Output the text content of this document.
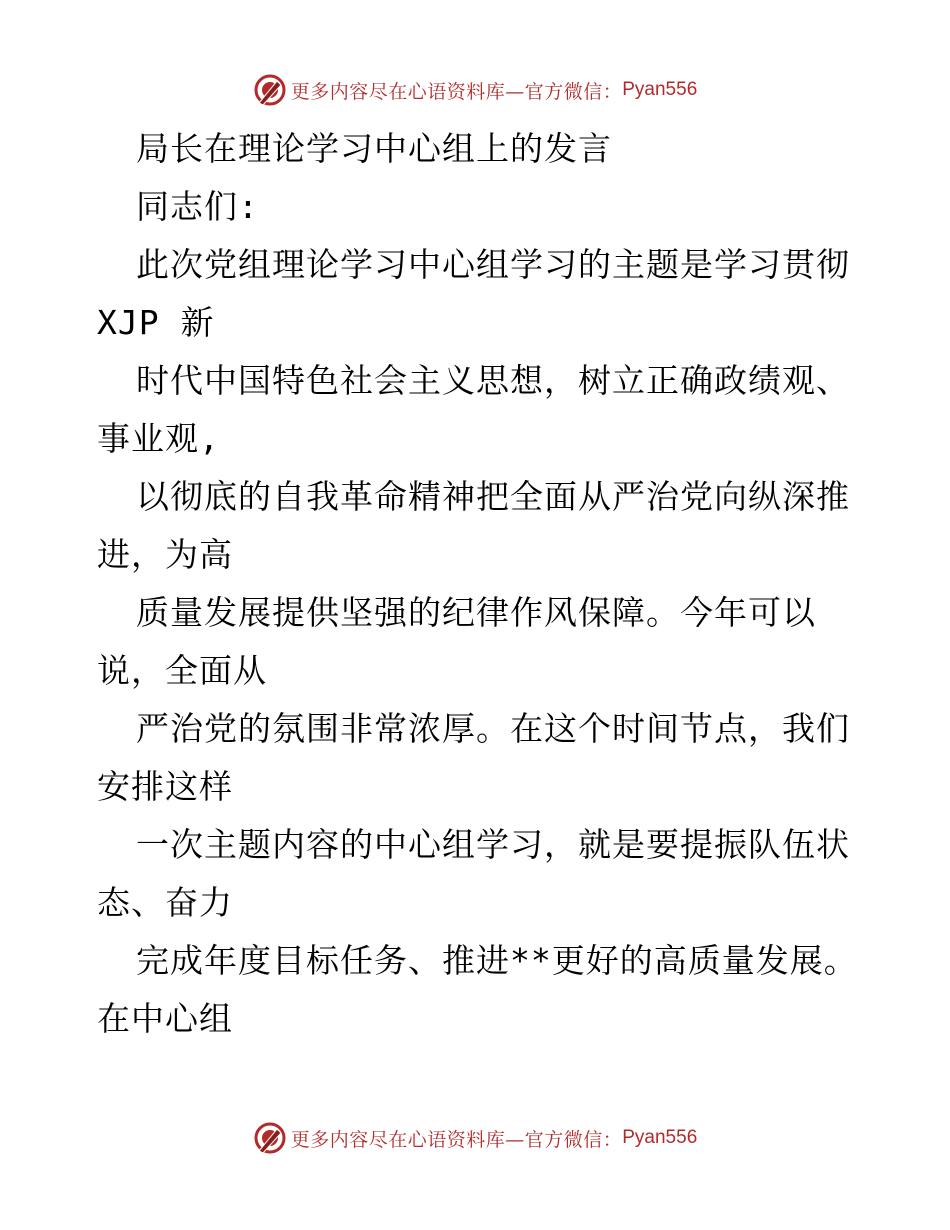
更多内容尽在心语资料库—官方微信： Pyan556
局长在理论学习中心组上的发言
同志们:
此次党组理论学习中心组学习的主题是学习贯彻
XJP 新
时代中国特色社会主义思想，树立正确政绩观、
事业观,
以彻底的自我革命精神把全面从严治党向纵深推
进，为高
质量发展提供坚强的纪律作风保障。今年可以
说，全面从
严治党的氛围非常浓厚。在这个时间节点，我们
安排这样
一次主题内容的中心组学习，就是要提振队伍状
态、奋力
完成年度目标任务、推进**更好的高质量发展。
在中心组
更多内容尽在心语资料库—官方微信： Pyan556
